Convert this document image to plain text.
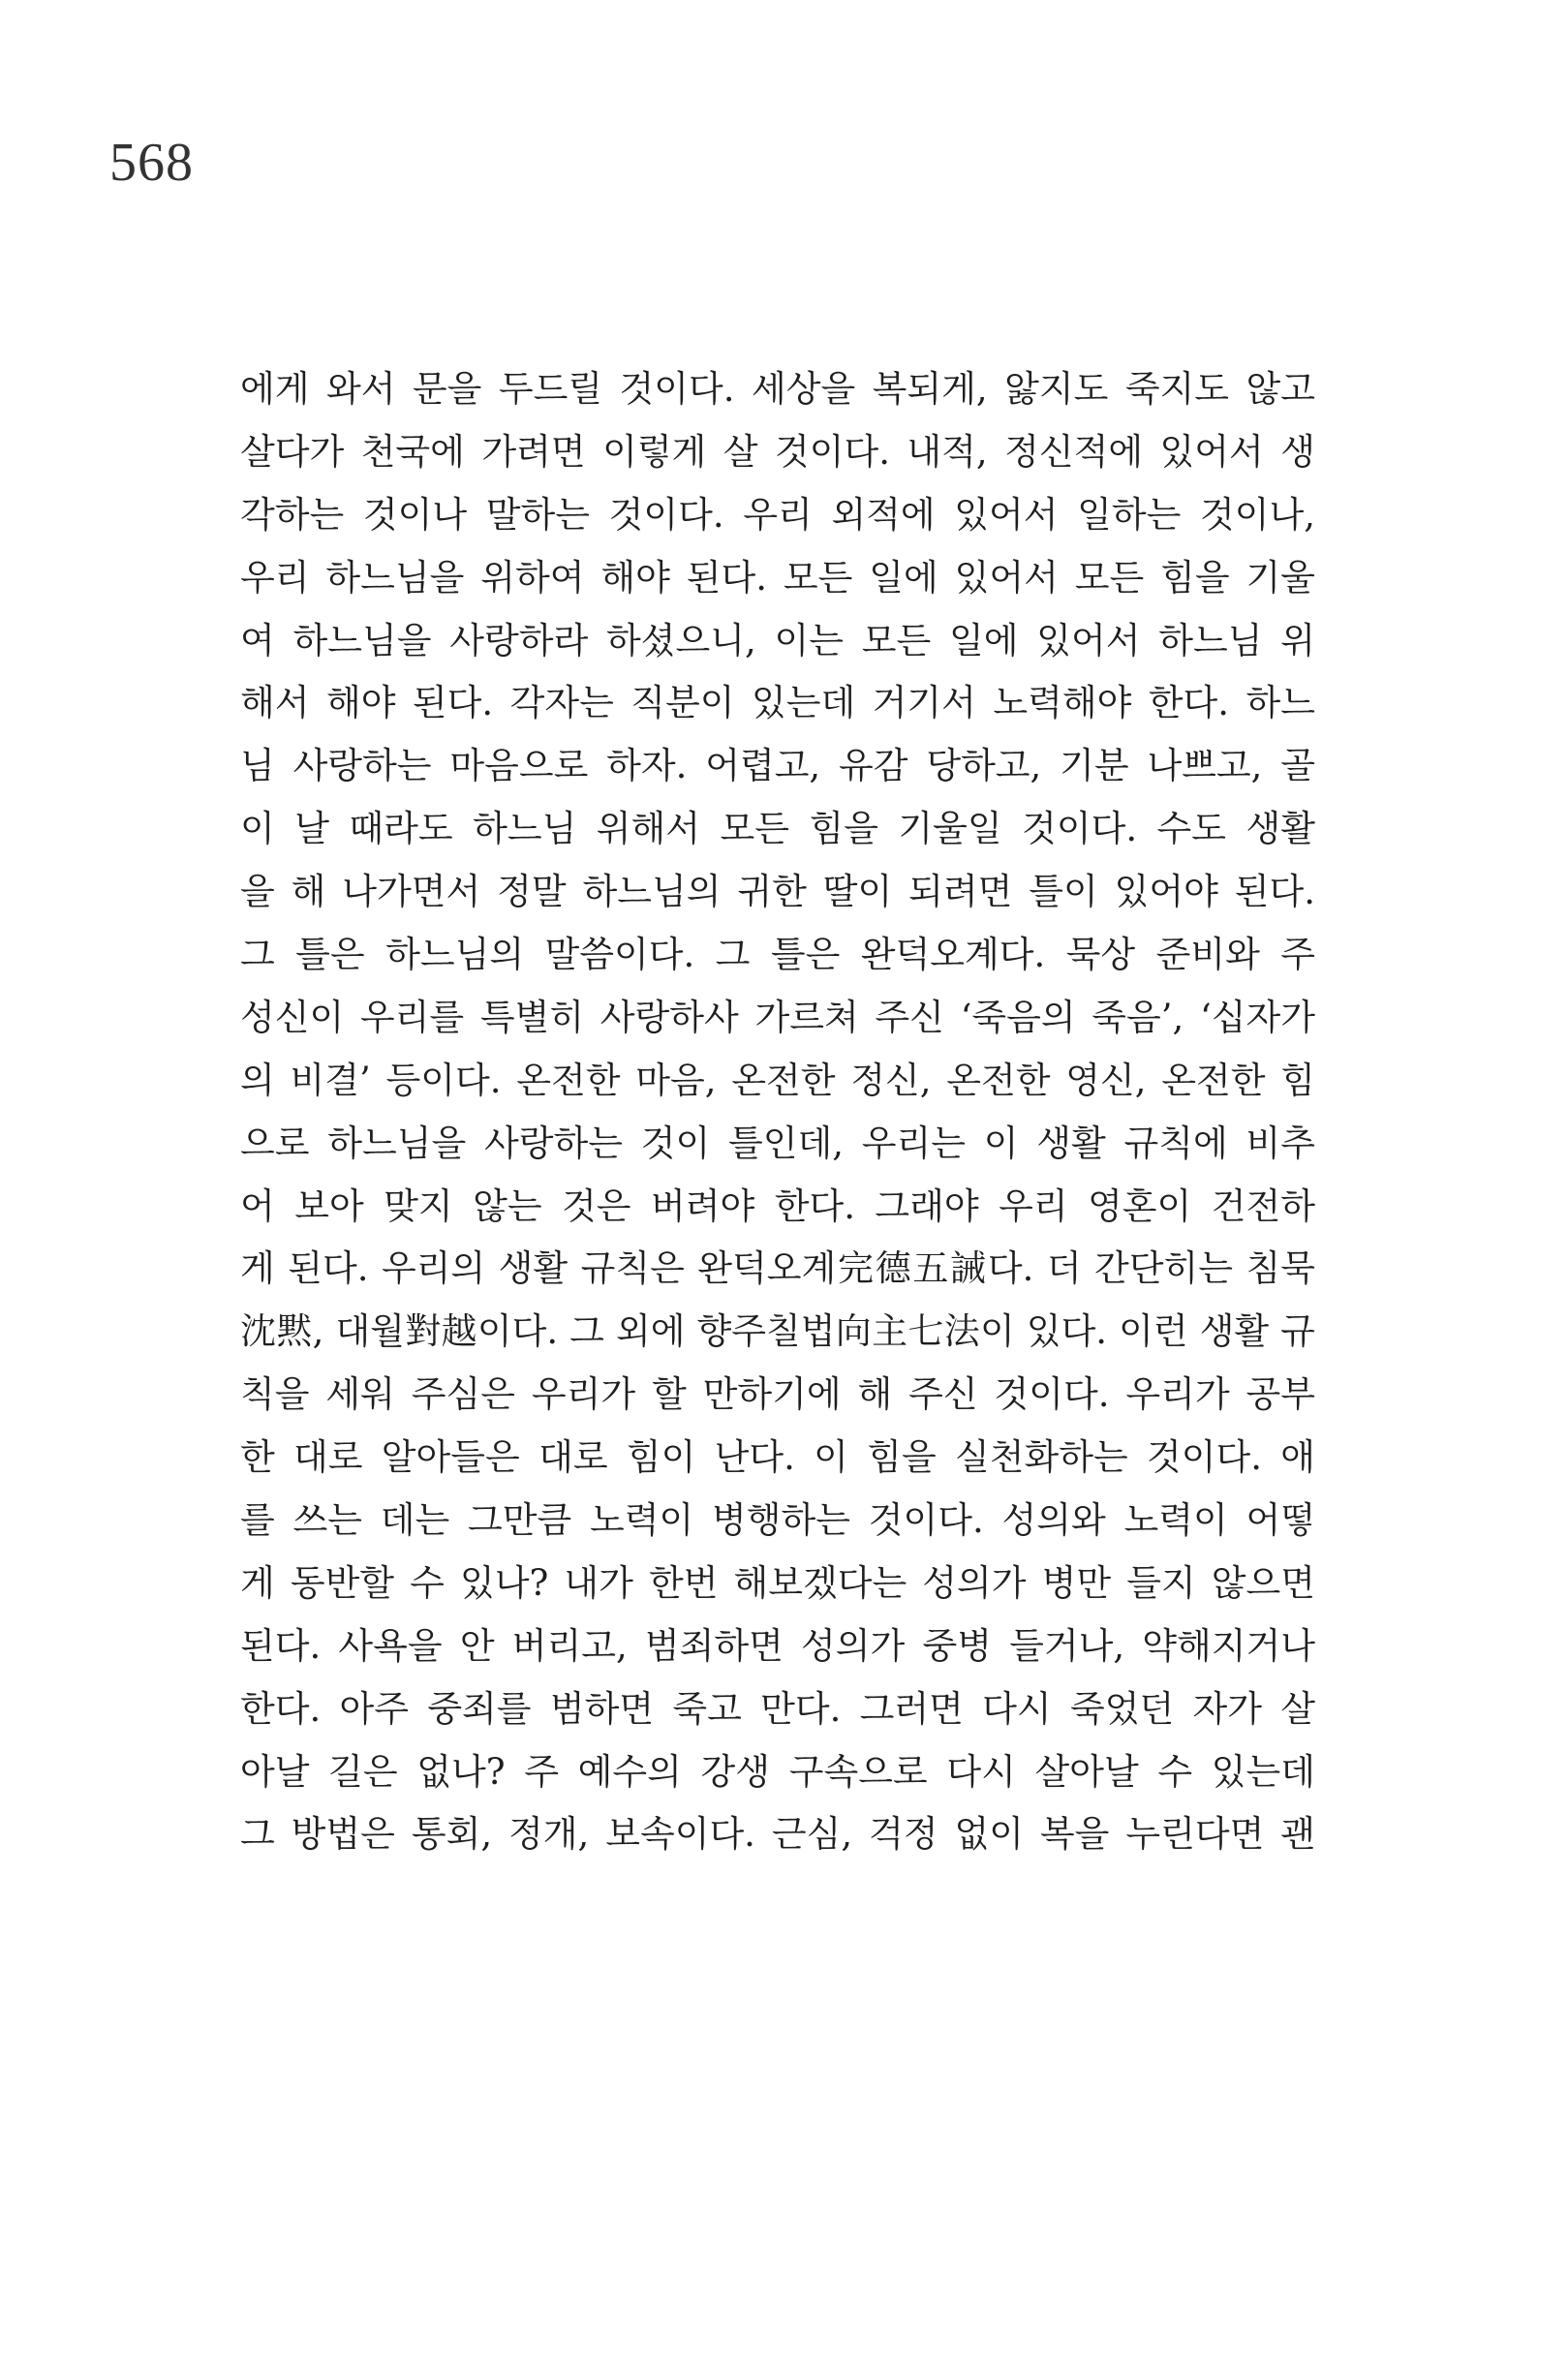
568
에게 와서 문을 두드릴 것이다. 세상을 복되게, 앓지도 죽지도 않고
살다가 천국에 가려면 이렇게 살 것이다. 내적, 정신적에 있어서 생
각하는 것이나 말하는 것이다. 우리 외적에 있어서 일하는 것이나,
우리 하느님을 위하여 해야 된다. 모든 일에 있어서 모든 힘을 기울
여 하느님을 사랑하라 하셨으니, 이는 모든 일에 있어서 하느님 위
해서 해야 된다. 각자는 직분이 있는데 거기서 노력해야 한다. 하느
님 사랑하는 마음으로 하자. 어렵고, 유감 당하고, 기분 나쁘고, 골
이 날 때라도 하느님 위해서 모든 힘을 기울일 것이다. 수도 생활
을 해 나가면서 정말 하느님의 귀한 딸이 되려면 틀이 있어야 된다.
그 틀은 하느님의 말씀이다. 그 틀은 완덕오계다. 묵상 준비와 주
성신이 우리를 특별히 사랑하사 가르쳐 주신 ‘죽음의 죽음’, ‘십자가
의 비결’ 등이다. 온전한 마음, 온전한 정신, 온전한 영신, 온전한 힘
으로 하느님을 사랑하는 것이 틀인데, 우리는 이 생활 규칙에 비추
어 보아 맞지 않는 것은 버려야 한다. 그래야 우리 영혼이 건전하
게 된다. 우리의 생활 규칙은 완덕오계完德五誡다. 더 간단히는 침묵
沈黙, 대월對越이다. 그 외에 향주칠법向主七法이 있다. 이런 생활 규
칙을 세워 주심은 우리가 할 만하기에 해 주신 것이다. 우리가 공부
한 대로 알아들은 대로 힘이 난다. 이 힘을 실천화하는 것이다. 애
를 쓰는 데는 그만큼 노력이 병행하는 것이다. 성의와 노력이 어떻
게 동반할 수 있나? 내가 한번 해보겠다는 성의가 병만 들지 않으면
된다. 사욕을 안 버리고, 범죄하면 성의가 중병 들거나, 약해지거나
한다. 아주 중죄를 범하면 죽고 만다. 그러면 다시 죽었던 자가 살
아날 길은 없나? 주 예수의 강생 구속으로 다시 살아날 수 있는데
그 방법은 통회, 정개, 보속이다. 근심, 걱정 없이 복을 누린다면 괜
